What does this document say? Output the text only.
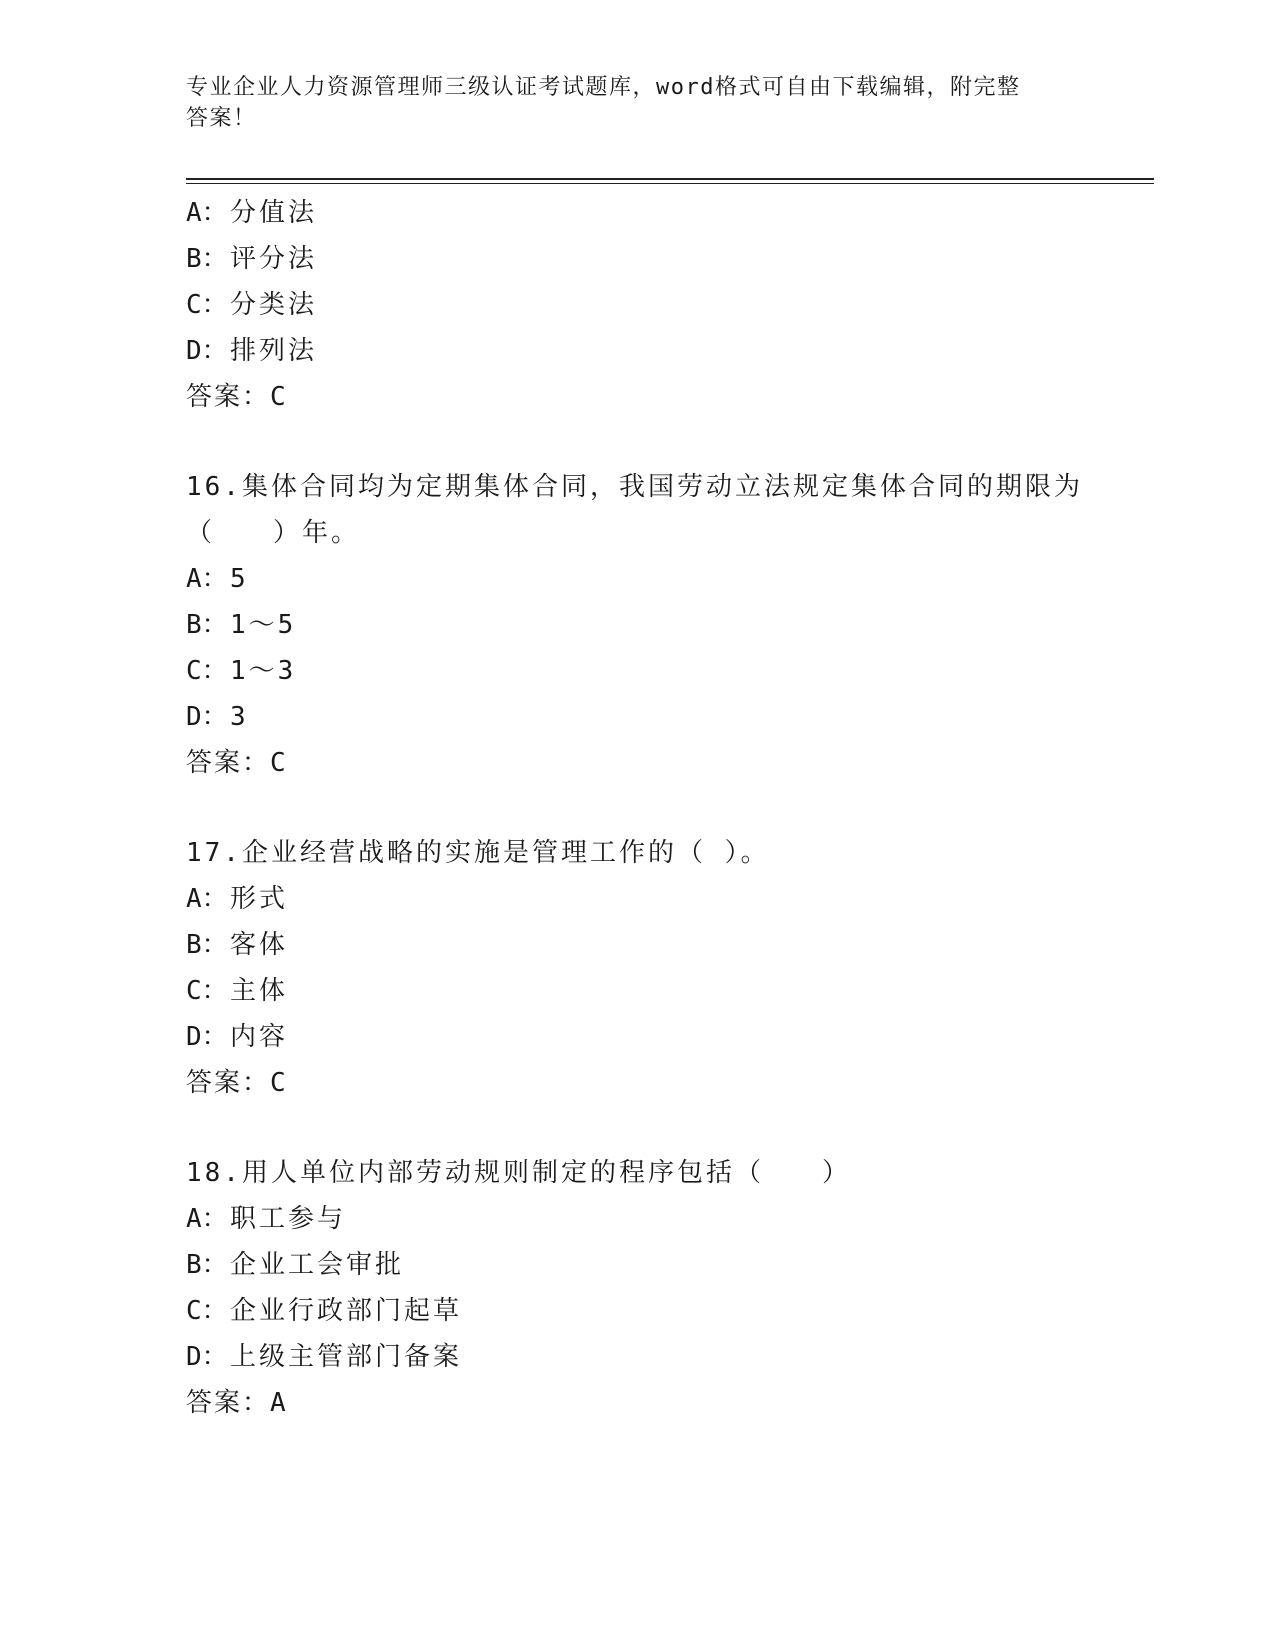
专业企业人力资源管理师三级认证考试题库，word格式可自由下载编辑，附完整
答案！
A：分值法
B：评分法
C：分类法
D：排列法
答案：C
16.集体合同均为定期集体合同，我国劳动立法规定集体合同的期限为
（　　）年。
A：5
B：1～5
C：1～3
D：3
答案：C
17.企业经营战略的实施是管理工作的（ ）。
A：形式
B：客体
C：主体
D：内容
答案：C
18.用人单位内部劳动规则制定的程序包括（　　）
A：职工参与
B：企业工会审批
C：企业行政部门起草
D：上级主管部门备案
答案：A
